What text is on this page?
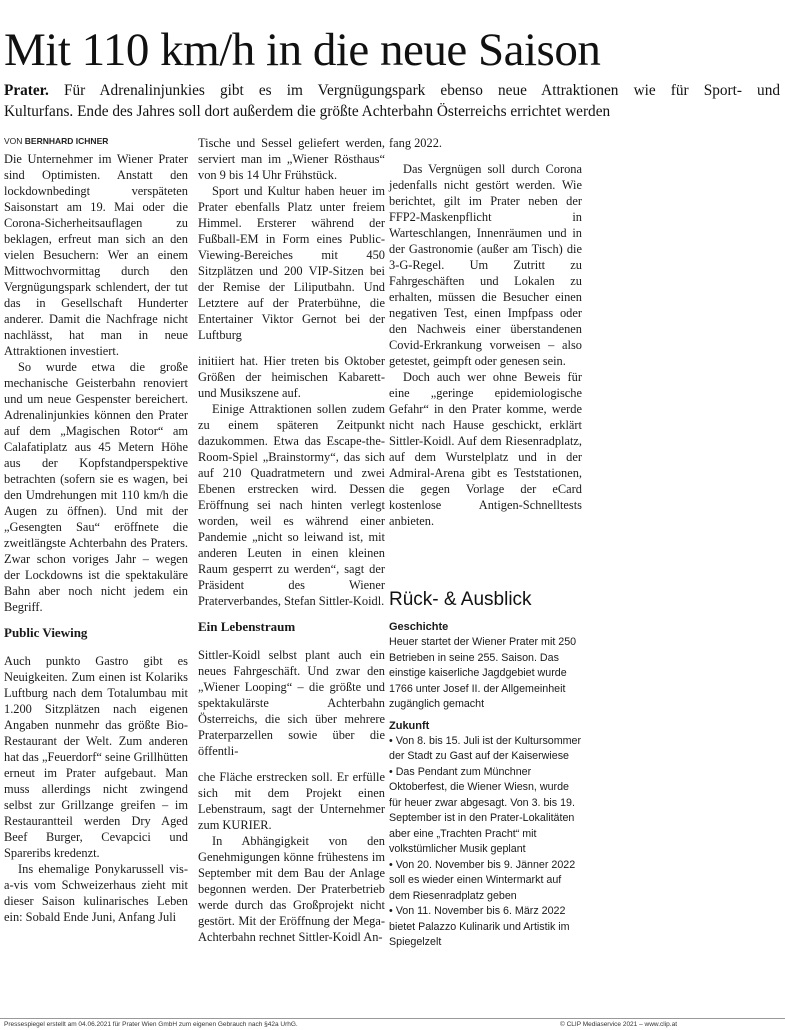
Mit 110 km/h in die neue Saison
Prater. Für Adrenalinjunkies gibt es im Vergnügungspark ebenso neue Attraktionen wie für Sport- und
Kulturfans. Ende des Jahres soll dort außerdem die größte Achterbahn Österreichs errichtet werden
VON BERNHARD ICHNER

Die Unternehmer im Wiener Prater sind Optimisten. Anstatt den lockdownbedingt verspäteten Saisonstart am 19. Mai oder die Corona-Sicherheitsauflagen zu beklagen, erfreut man sich an den vielen Besuchern: Wer an einem Mittwochvormittag durch den Vergnügungspark schlendert, der tut das in Gesellschaft Hunderter anderer. Damit die Nachfrage nicht nachlässt, hat man in neue Attraktionen investiert.

So wurde etwa die große mechanische Geisterbahn renoviert und um neue Gespenster bereichert. Adrenalinjunkies können den Prater auf dem „Magischen Rotor“ am Calafatiplatz aus 45 Metern Höhe aus der Kopfstandperspektive betrachten (sofern sie es wagen, bei den Umdrehungen mit 110 km/h die Augen zu öffnen). Und mit der „Gesengten Sau“ eröffnete die zweitlängste Achterbahn des Praters. Zwar schon voriges Jahr – wegen der Lockdowns ist die spektakuläre Bahn aber noch nicht jedem ein Begriff.

Public Viewing

Auch punkto Gastro gibt es Neuigkeiten. Zum einen ist Kolariks Luftburg nach dem Totalumbau mit 1.200 Sitzplätzen nach eigenen Angaben nunmehr das größte Bio-Restaurant der Welt. Zum anderen hat das „Feuerdorf“ seine Grillhütten erneut im Prater aufgebaut. Man muss allerdings nicht zwingend selbst zur Grillzange greifen – im Restaurantteil werden Dry Aged Beef Burger, Cevapcici und Spareribs kredenzt.

Ins ehemalige Ponykarussell vis-a-vis vom Schweizerhaus zieht mit dieser Saison kulinarisches Leben ein: Sobald Ende Juni, Anfang Juli

Tische und Sessel geliefert werden, serviert man im „Wiener Rösthaus“ von 9 bis 14 Uhr Frühstück.

Sport und Kultur haben heuer im Prater ebenfalls Platz unter freiem Himmel. Ersterer während der Fußball-EM in Form eines Public-Viewing-Bereiches mit 450 Sitzplätzen und 200 VIP-Sitzen bei der Remise der Liliputbahn. Und Letztere auf der Praterbühne, die Entertainer Viktor Gernot bei der Luftburg

initiiert hat. Hier treten bis Oktober Größen der heimischen Kabarett- und Musikszene auf.

Einige Attraktionen sollen zudem zu einem späteren Zeitpunkt dazukommen. Etwa das Escape-the-Room-Spiel „Brainstormy“, das sich auf 210 Quadratmetern und zwei Ebenen erstrecken wird. Dessen Eröffnung sei nach hinten verlegt worden, weil es während einer Pandemie „nicht so leiwand ist, mit anderen Leuten in einen kleinen Raum gesperrt zu werden“, sagt der Präsident des Wiener Praterverbandes, Stefan Sittler-Koidl.

Ein Lebenstraum

Sittler-Koidl selbst plant auch ein neues Fahrgeschäft. Und zwar den „Wiener Looping“ – die größte und spektakulärste Achterbahn Österreichs, die sich über mehrere Praterparzellen sowie über die öffentli-

che Fläche erstrecken soll. Er erfülle sich mit dem Projekt einen Lebenstraum, sagt der Unternehmer zum KURIER.

In Abhängigkeit von den Genehmigungen könne frühestens im September mit dem Bau der Anlage begonnen werden. Der Praterbetrieb werde durch das Großprojekt nicht gestört. Mit der Eröffnung der Mega-Achterbahn rechnet Sittler-Koidl An-

fang 2022.

Das Vergnügen soll durch Corona jedenfalls nicht gestört werden. Wie berichtet, gilt im Prater neben der FFP2-Maskenpflicht in Warteschlangen, Innenräumen und in der Gastronomie (außer am Tisch) die 3-G-Regel. Um Zutritt zu Fahrgeschäften und Lokalen zu erhalten, müssen die Besucher einen negativen Test, einen Impfpass oder den Nachweis einer überstandenen Covid-Erkrankung vorweisen – also getestet, geimpft oder genesen sein.

Doch auch wer ohne Beweis für eine „geringe epidemiologische Gefahr“ in den Prater komme, werde nicht nach Hause geschickt, erklärt Sittler-Koidl. Auf dem Riesenradplatz, auf dem Wurstelplatz und in der Admiral-Arena gibt es Teststationen, die gegen Vorlage der eCard kostenlose Antigen-Schnelltests anbieten.

Rück- & Ausblick
Geschichte

Heuer startet der Wiener Prater mit 250 Betrieben in seine 255. Saison. Das einstige kaiserliche Jagdgebiet wurde 1766 unter Josef II. der Allgemeinheit zugänglich gemacht

Zukunft
• Von 8. bis 15. Juli ist der Kultursommer der Stadt zu Gast auf der Kaiserwiese
• Das Pendant zum Münchner Oktoberfest, die Wiener Wiesn, wurde für heuer zwar abgesagt. Von 3. bis 19. September ist in den Prater-Lokalitäten aber eine „Trachten Pracht“ mit volkstümlicher Musik geplant
• Von 20. November bis 9. Jänner 2022 soll es wieder einen Wintermarkt auf dem Riesenradplatz geben
• Von 11. November bis 6. März 2022 bietet Palazzo Kulinarik und Artistik im Spiegelzelt
Pressespiegel erstellt am 04.06.2021 für Prater Wien GmbH zum eigenen Gebrauch nach §42a UrhG.	© CLIP Mediaservice 2021 – www.clip.at
